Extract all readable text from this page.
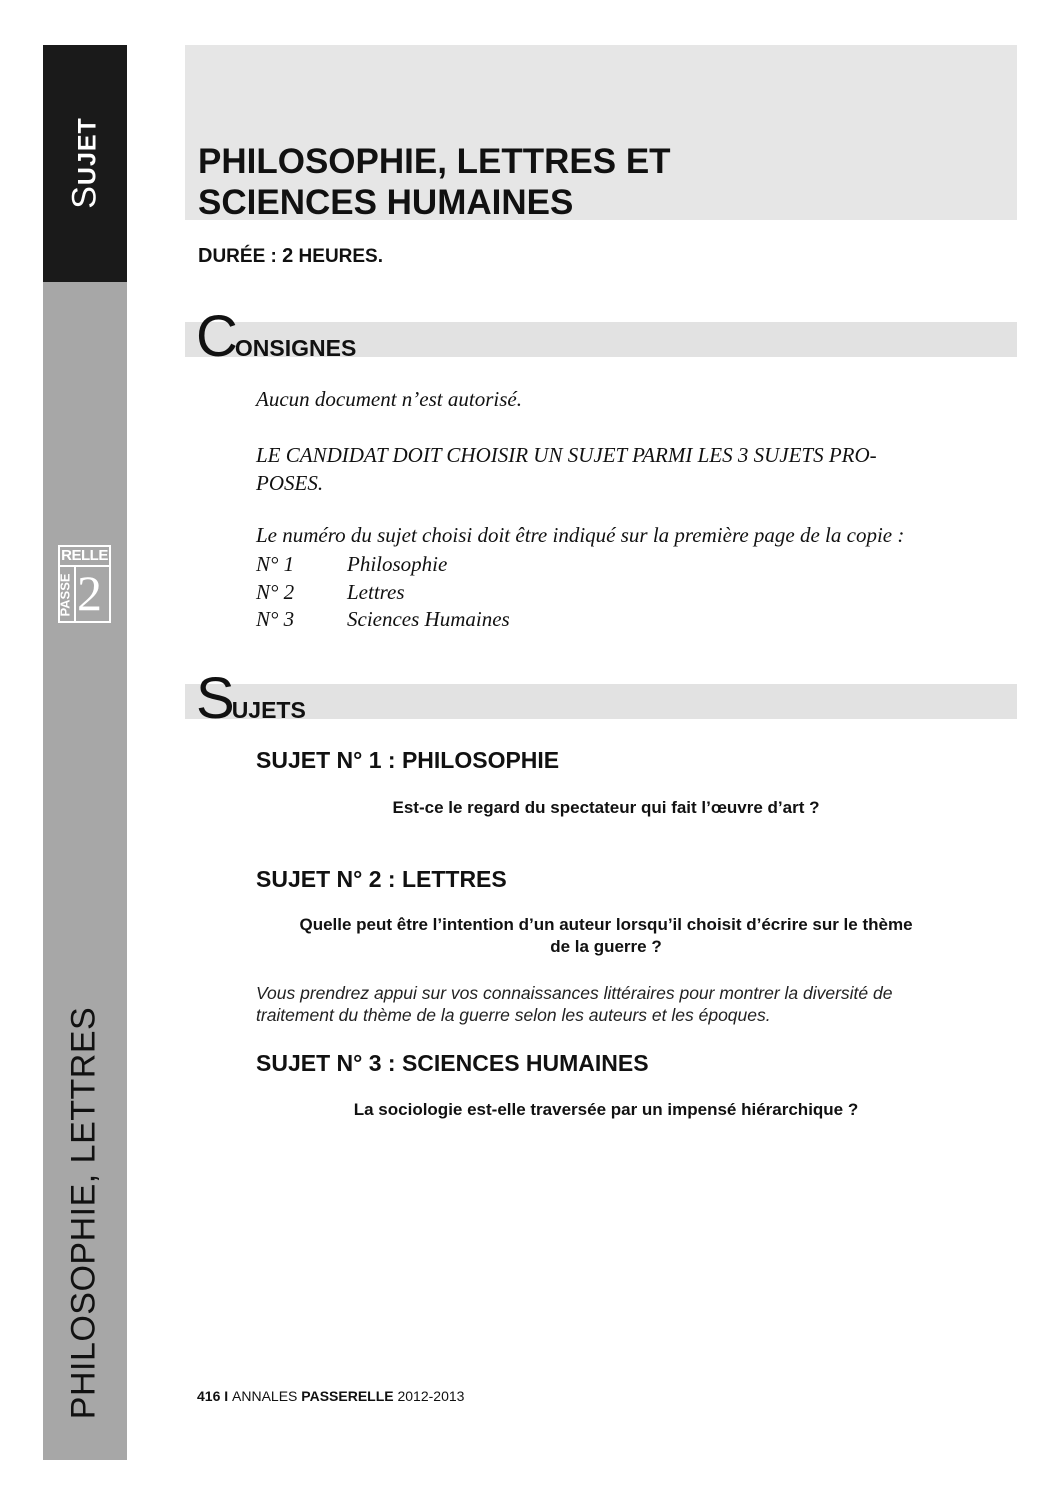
SUJET
RELLE
PASSE 2
PHILOSOPHIE, LETTRES
PHILOSOPHIE, LETTRES ET
SCIENCES HUMAINES
DURÉE : 2 HEURES.
CONSIGNES
Aucun document n’est autorisé.
LE CANDIDAT DOIT CHOISIR UN SUJET PARMI LES 3 SUJETS PRO-
POSES.
Le numéro du sujet choisi doit être indiqué sur la première page de la copie :
N° 1	Philosophie
N° 2	Lettres
N° 3	Sciences Humaines
SUJETS
SUJET N° 1 : PHILOSOPHIE
Est-ce le regard du spectateur qui fait l’œuvre d’art ?
SUJET N° 2 : LETTRES
Quelle peut être l’intention d’un auteur lorsqu’il choisit d’écrire sur le thème
de la guerre ?
Vous prendrez appui sur vos connaissances littéraires pour montrer la diversité de traitement du thème de la guerre selon les auteurs et les époques.
SUJET N° 3 : SCIENCES HUMAINES
La sociologie est-elle traversée par un impensé hiérarchique ?
416 I ANNALES PASSERELLE 2012-2013
